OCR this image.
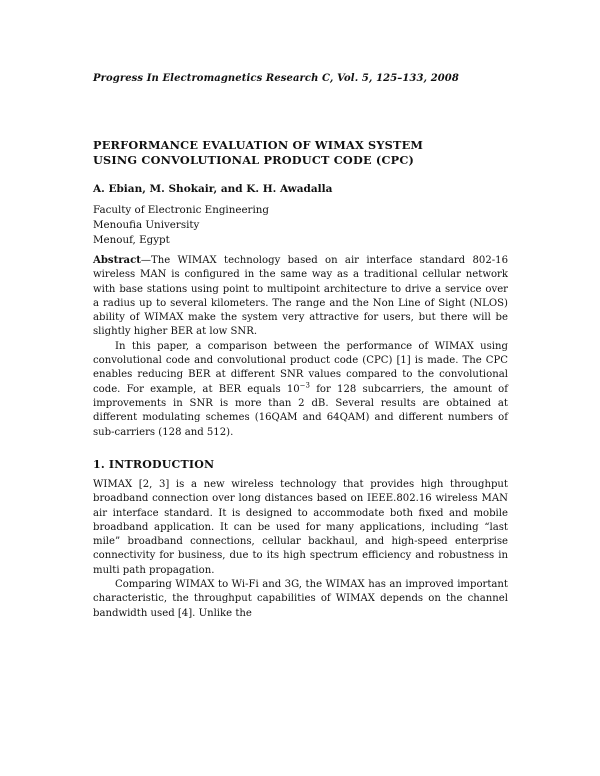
Progress In Electromagnetics Research C, Vol. 5, 125–133, 2008
PERFORMANCE EVALUATION OF WIMAX SYSTEM
USING CONVOLUTIONAL PRODUCT CODE (CPC)
A. Ebian, M. Shokair, and K. H. Awadalla
Faculty of Electronic Engineering
Menoufia University
Menouf, Egypt

Abstract—The WIMAX technology based on air interface standard 802-16 wireless MAN is configured in the same way as a traditional cellular network with base stations using point to multipoint architecture to drive a service over a radius up to several kilometers. The range and the Non Line of Sight (NLOS) ability of WIMAX make the system very attractive for users, but there will be slightly higher BER at low SNR.

In this paper, a comparison between the performance of WIMAX using convolutional code and convolutional product code (CPC) [1] is made. The CPC enables reducing BER at different SNR values compared to the convolutional code. For example, at BER equals $10^{-3}$ for 128 subcarriers, the amount of improvements in SNR is more than 2 dB. Several results are obtained at different modulating schemes (16QAM and 64QAM) and different numbers of sub-carriers (128 and 512).

1. INTRODUCTION

WIMAX [2, 3] is a new wireless technology that provides high throughput broadband connection over long distances based on IEEE.802.16 wireless MAN air interface standard. It is designed to accommodate both fixed and mobile broadband application. It can be used for many applications, including “last mile” broadband connections, cellular backhaul, and high-speed enterprise connectivity for business, due to its high spectrum efficiency and robustness in multi path propagation.

Comparing WIMAX to Wi-Fi and 3G, the WIMAX has an improved important characteristic, the throughput capabilities of WIMAX depends on the channel bandwidth used [4]. Unlike the
